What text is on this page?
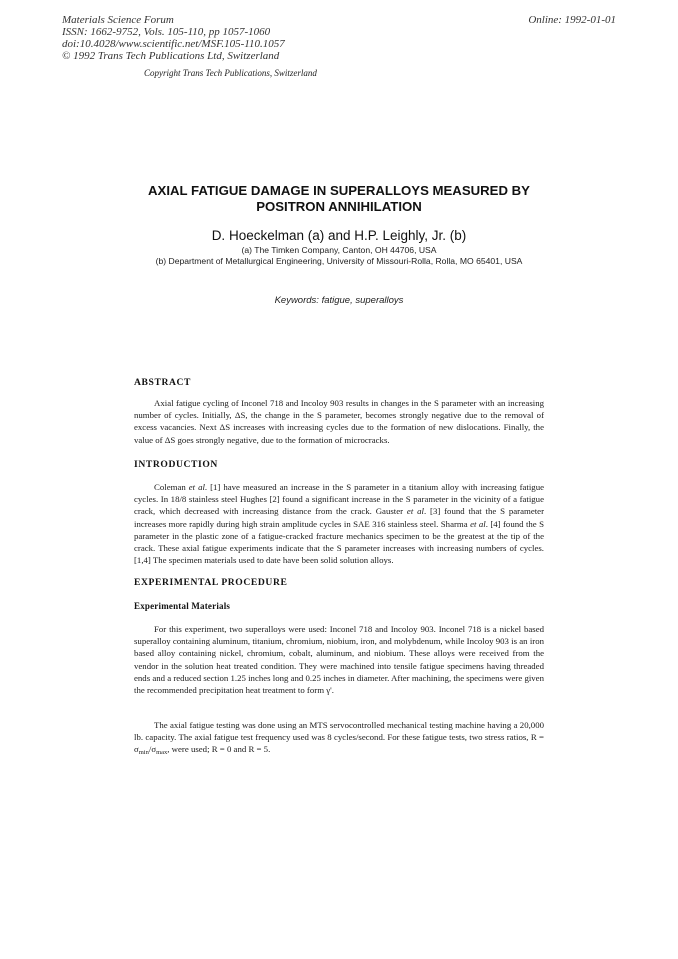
Materials Science Forum
ISSN: 1662-9752, Vols. 105-110, pp 1057-1060
doi:10.4028/www.scientific.net/MSF.105-110.1057
© 1992 Trans Tech Publications Ltd, Switzerland
Online: 1992-01-01
Copyright Trans Tech Publications, Switzerland
AXIAL FATIGUE DAMAGE IN SUPERALLOYS MEASURED BY
POSITRON ANNIHILATION
D. Hoeckelman (a) and H.P. Leighly, Jr. (b)
(a) The Timken Company, Canton, OH 44706, USA
(b) Department of Metallurgical Engineering, University of Missouri-Rolla, Rolla, MO 65401, USA
Keywords: fatigue, superalloys
ABSTRACT
Axial fatigue cycling of Inconel 718 and Incoloy 903 results in changes in the S parameter with an increasing number of cycles. Initially, ΔS, the change in the S parameter, becomes strongly negative due to the removal of excess vacancies. Next ΔS increases with increasing cycles due to the formation of new dislocations. Finally, the value of ΔS goes strongly negative, due to the formation of microcracks.
INTRODUCTION
Coleman et al. [1] have measured an increase in the S parameter in a titanium alloy with increasing fatigue cycles. In 18/8 stainless steel Hughes [2] found a significant increase in the S parameter in the vicinity of a fatigue crack, which decreased with increasing distance from the crack. Gauster et al. [3] found that the S parameter increases more rapidly during high strain amplitude cycles in SAE 316 stainless steel. Sharma et al. [4] found the S parameter in the plastic zone of a fatigue-cracked fracture mechanics specimen to be the greatest at the tip of the crack. These axial fatigue experiments indicate that the S parameter increases with increasing numbers of cycles.[1,4] The specimen materials used to date have been solid solution alloys.
EXPERIMENTAL PROCEDURE
Experimental Materials
For this experiment, two superalloys were used: Inconel 718 and Incoloy 903. Inconel 718 is a nickel based superalloy containing aluminum, titanium, chromium, niobium, iron, and molybdenum, while Incoloy 903 is an iron based alloy containing nickel, chromium, cobalt, aluminum, and niobium. These alloys were received from the vendor in the solution heat treated condition. They were machined into tensile fatigue specimens having threaded ends and a reduced section 1.25 inches long and 0.25 inches in diameter. After machining, the specimens were given the recommended precipitation heat treatment to form γ'.
The axial fatigue testing was done using an MTS servocontrolled mechanical testing machine having a 20,000 lb. capacity. The axial fatigue test frequency used was 8 cycles/second. For these fatigue tests, two stress ratios, $R = \sigma_{min}/\sigma_{max}$, were used; R = 0 and R = 5.
